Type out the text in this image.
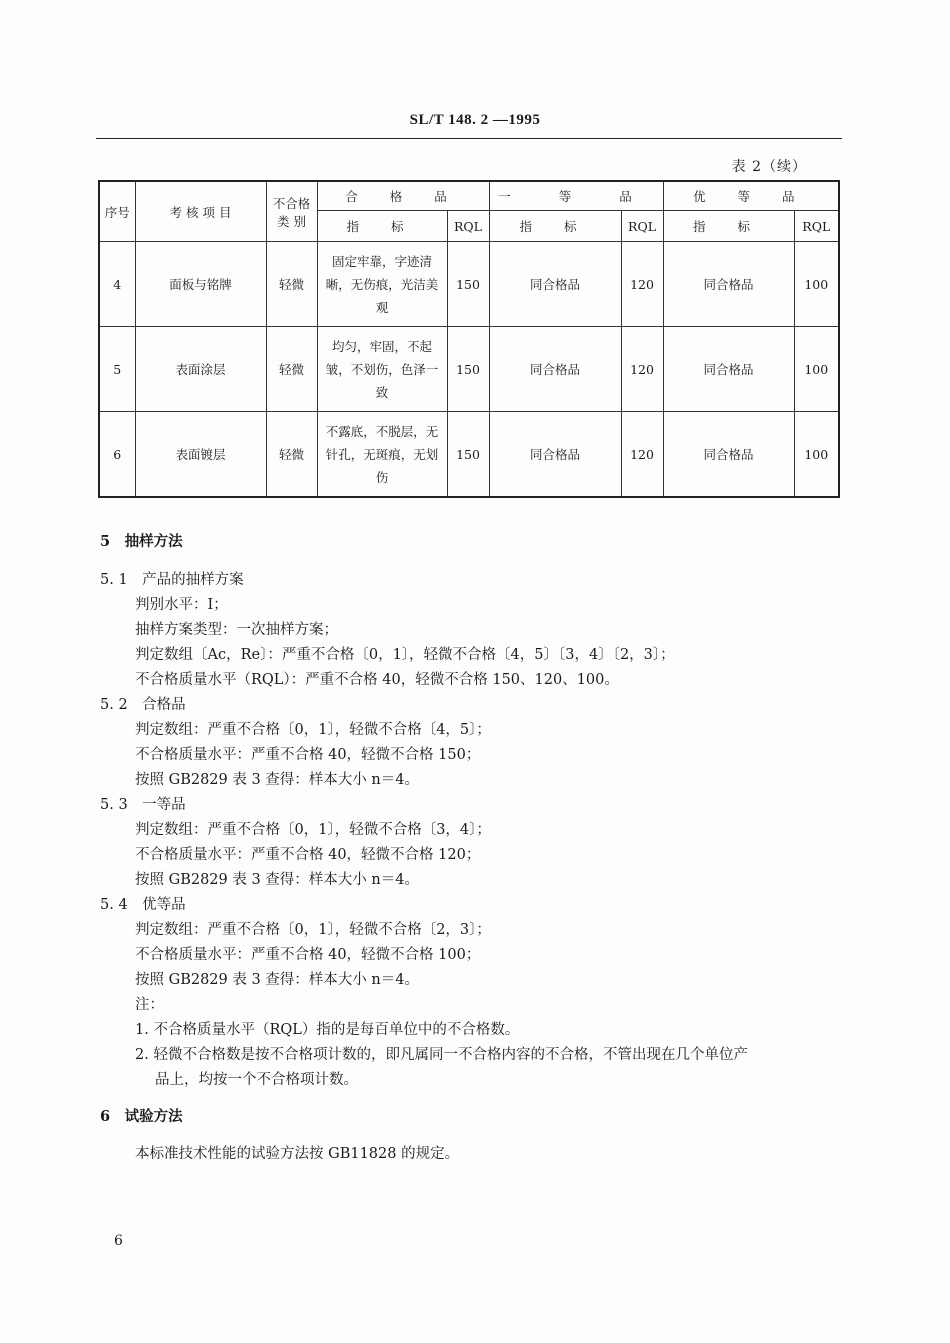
SL/T 148. 2 —1995
表 2（续）
序号	考 核 项 目	不合格类 别	合 格 品		一 等 品		优 等 品	
			指 标	RQL	指 标	RQL	指 标	RQL
4	面板与铭牌	轻微	固定牢靠，字迹清晰，无伤痕，光洁美观	150	同合格品	120	同合格品	100
5	表面涂层	轻微	均匀，牢固，不起皱，不划伤，色泽一致	150	同合格品	120	同合格品	100
6	表面镀层	轻微	不露底，不脱层，无针孔，无斑痕，无划伤	150	同合格品	120	同合格品	100
5　抽样方法
5. 1　产品的抽样方案
判别水平：Ⅰ；
抽样方案类型：一次抽样方案；
判定数组〔Ac，Re〕：严重不合格〔0，1〕，轻微不合格〔4，5〕〔3，4〕〔2，3〕；
不合格质量水平（RQL）：严重不合格 40，轻微不合格 150、120、100。
5. 2　合格品
判定数组：严重不合格〔0，1〕，轻微不合格〔4，5〕；
不合格质量水平：严重不合格 40，轻微不合格 150；
按照 GB2829 表 3 查得：样本大小 n＝4。
5. 3　一等品
判定数组：严重不合格〔0，1〕，轻微不合格〔3，4〕；
不合格质量水平：严重不合格 40，轻微不合格 120；
按照 GB2829 表 3 查得：样本大小 n＝4。
5. 4　优等品
判定数组：严重不合格〔0，1〕，轻微不合格〔2，3〕；
不合格质量水平：严重不合格 40，轻微不合格 100；
按照 GB2829 表 3 查得：样本大小 n＝4。
注：
1. 不合格质量水平（RQL）指的是每百单位中的不合格数。
2. 轻微不合格数是按不合格项计数的，即凡属同一不合格内容的不合格，不管出现在几个单位产
品上，均按一个不合格项计数。
6　试验方法
本标准技术性能的试验方法按 GB11828 的规定。
6
